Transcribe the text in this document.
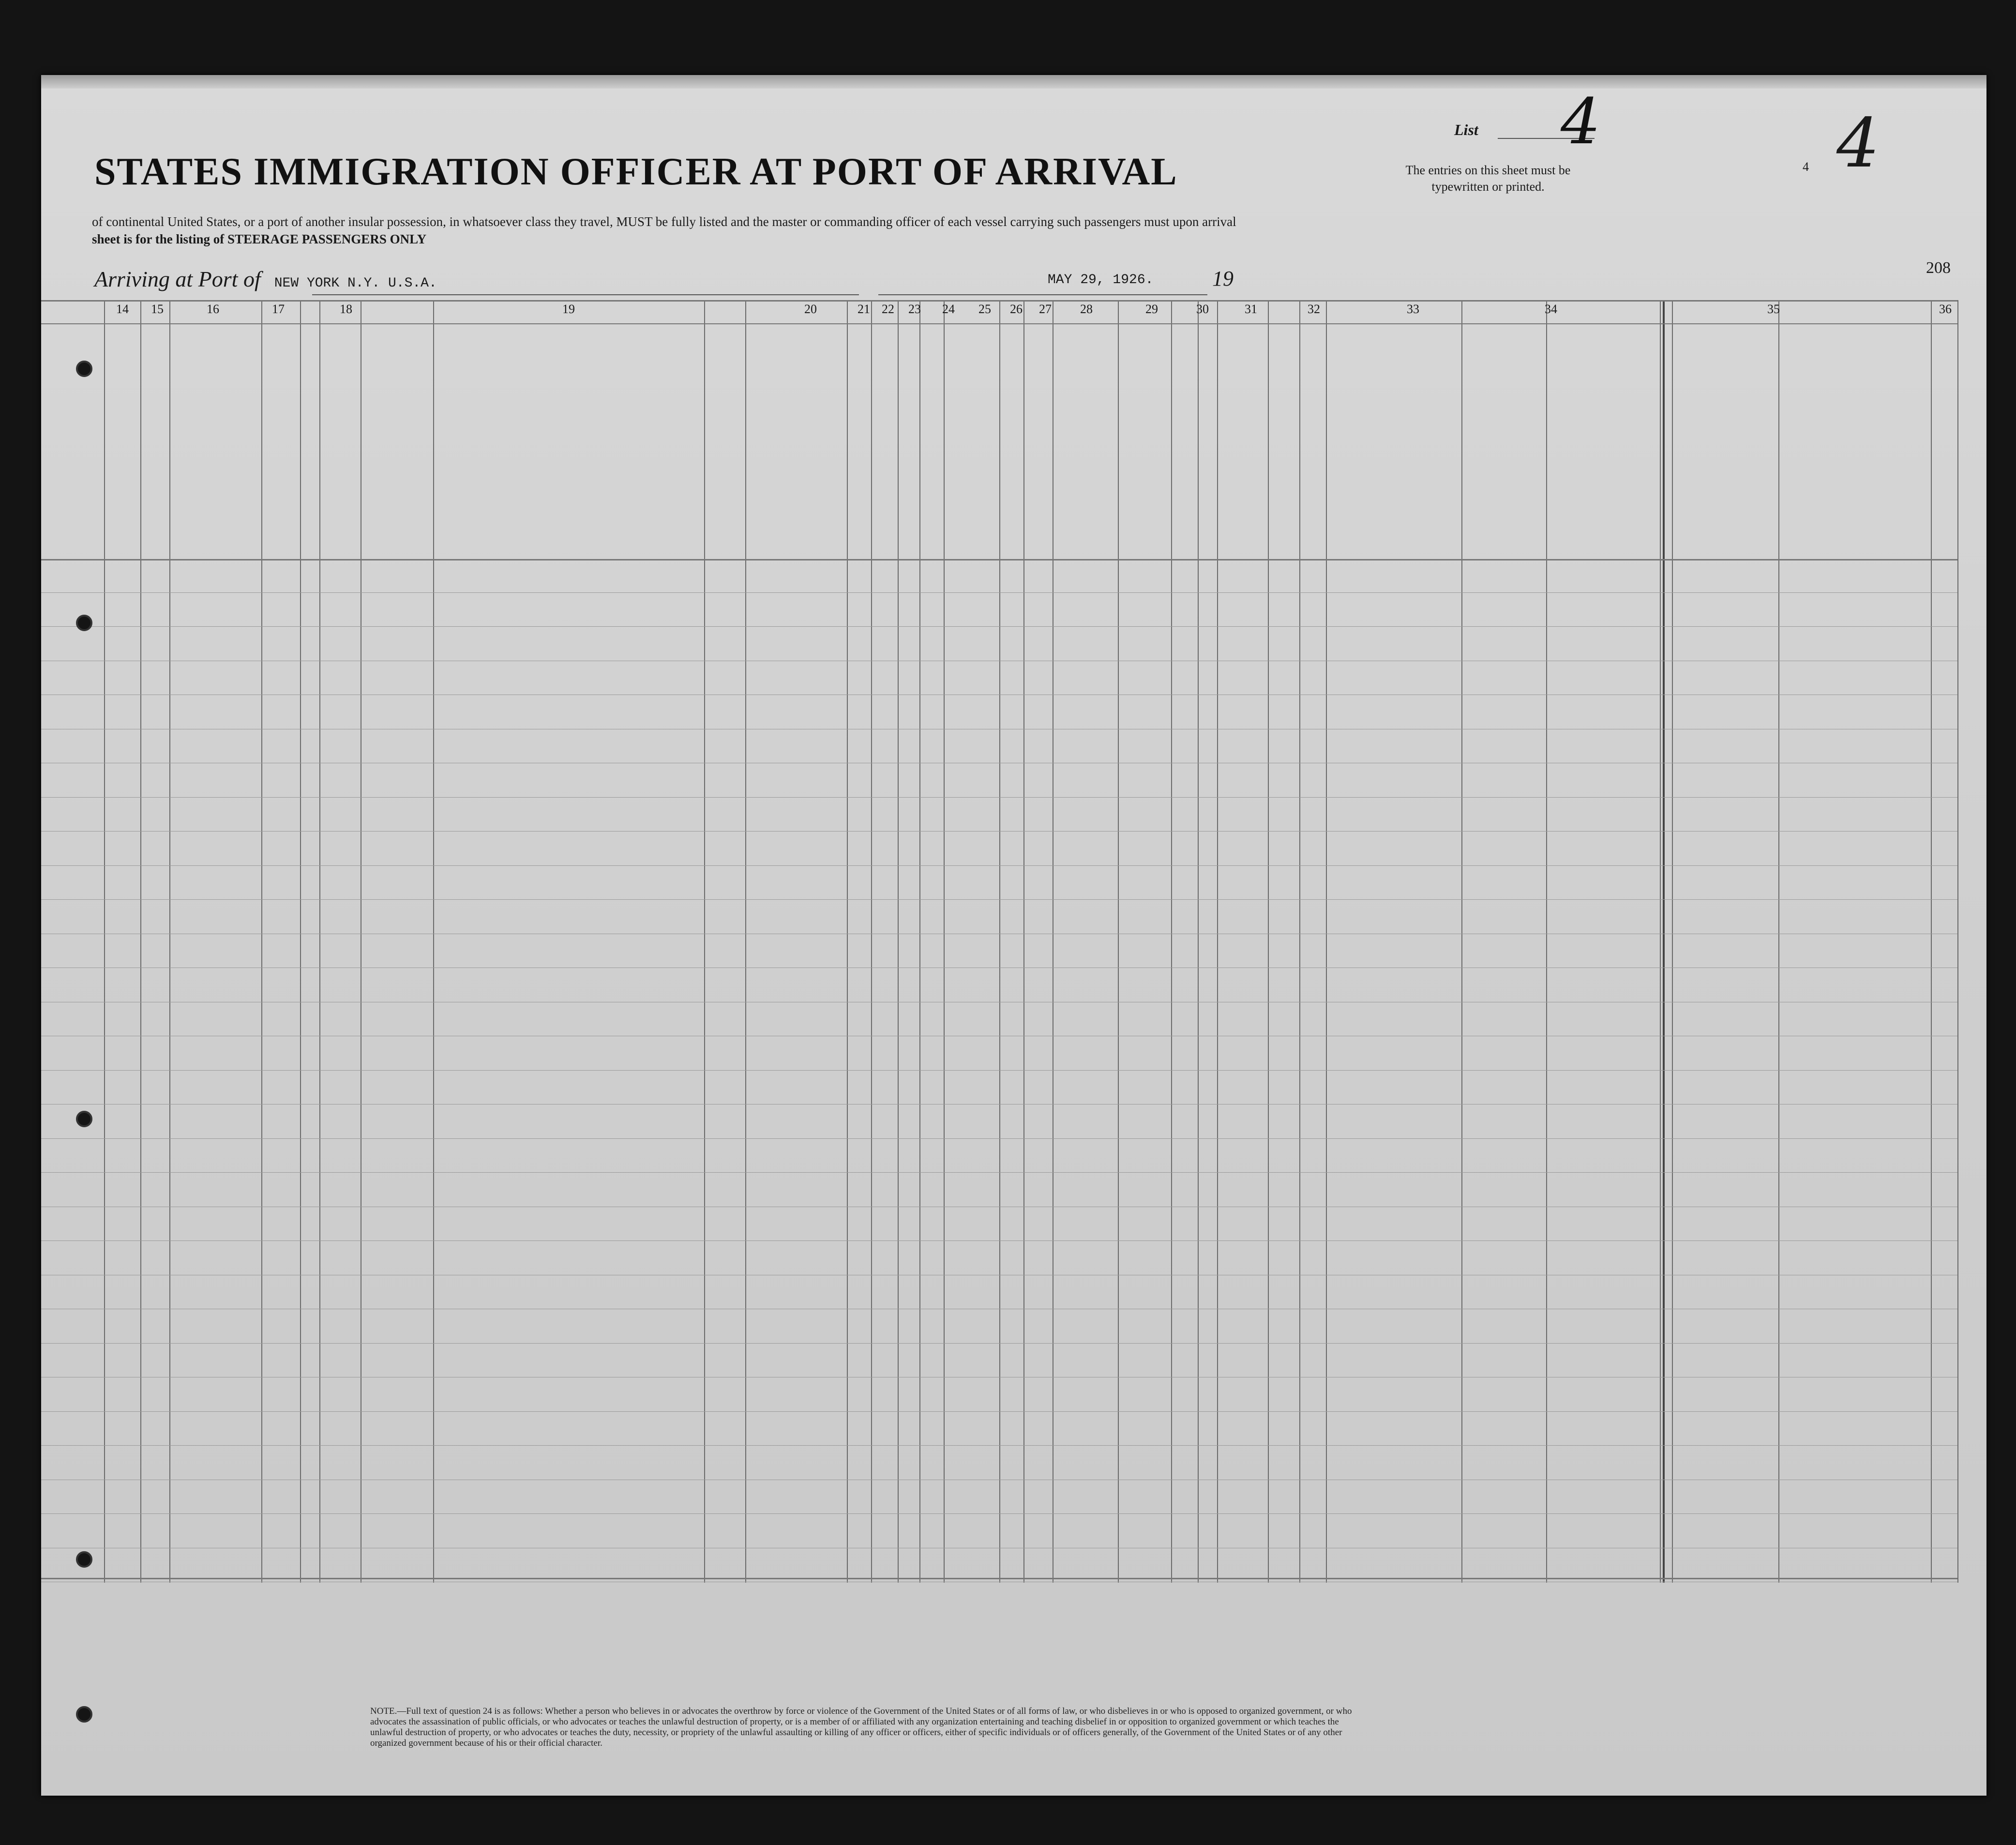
STATES IMMIGRATION OFFICER AT PORT OF ARRIVAL
of continental United States, or a port of another insular possession, in whatsoever class they travel, MUST be fully listed and the master or commanding officer of each vessel carrying such passengers must upon arrival
sheet is for the listing of STEERAGE PASSENGERS ONLY
List 4
4 4
The entries on this sheet must be typewritten or printed.
208
Arriving at Port of NEW YORK N.Y. U.S.A.	MAY 29, 1926.	19
14	15	16	17	18	19	20	21 22	23	24	25	26	27	28	29	30	31	32	33	34	35	36
NOTE.—Full text of question 24 is as follows: Whether a person who believes in or advocates the overthrow by force or violence of the Government of the United States or of all forms of law, or who disbelieves in or who is opposed to organized government, or who advocates the assassination of public officials, or who advocates or teaches the unlawful destruction of property, or is a member of or affiliated with any organization entertaining and teaching disbelief in or opposition to organized government or which teaches the unlawful destruction of property, or who advocates or teaches the duty, necessity, or propriety of the unlawful assaulting or killing of any officer or officers, either of specific individuals or of officers generally, of the Government of the United States or of any other organized government because of his or their official character.
